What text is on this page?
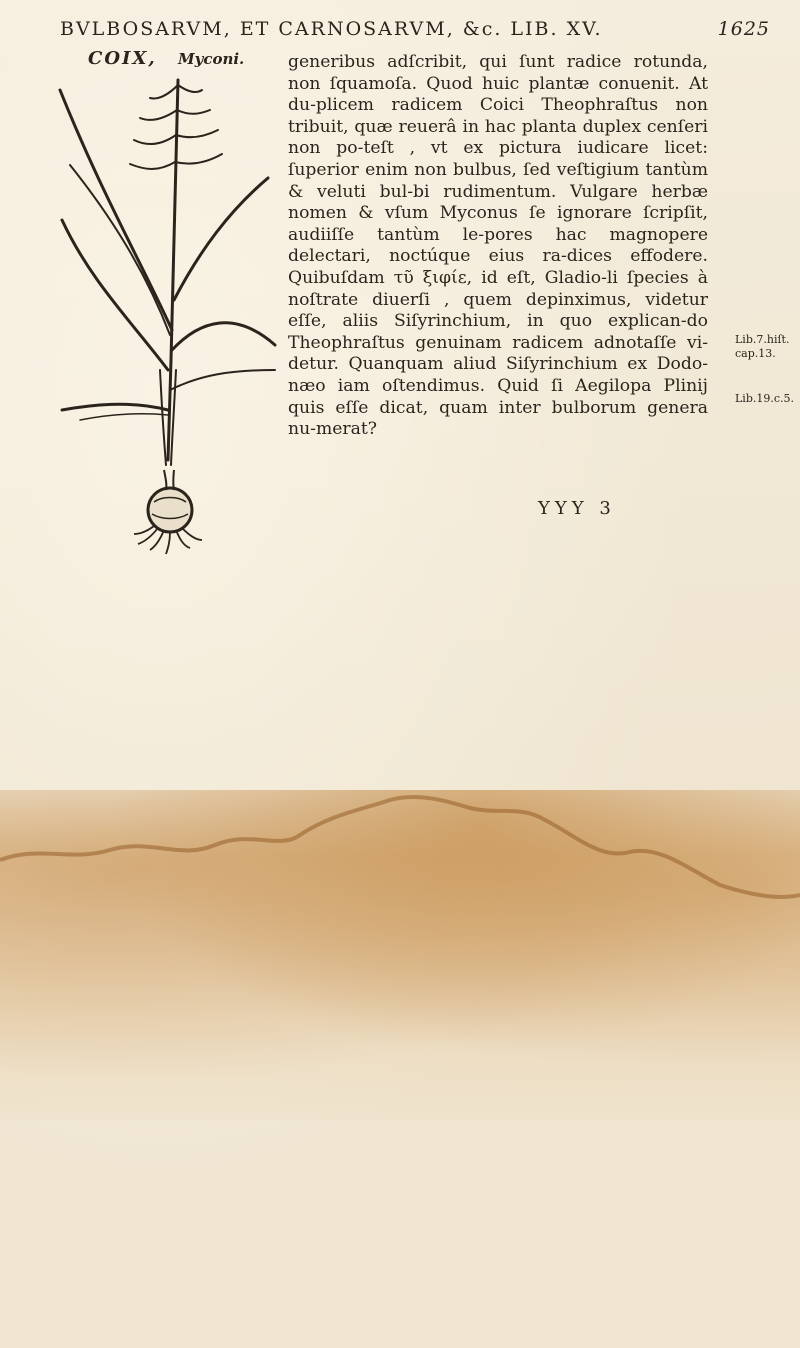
BVLBOSARVM, ET CARNOSARVM, &c. LIB. XV.	1625
COIX, Myconi.	generibus adſcribit, qui ſunt radice rotunda, non ſquamoſa. Quod huic plantæ conuenit. At du-plicem radicem Coici Theophraſtus non tribuit, quæ reuerâ in hac planta duplex cenſeri non po-teſt , vt ex pictura iudicare licet: ſuperior enim non bulbus, ſed veſtigium tantùm & veluti bul-bi rudimentum. Vulgare herbæ nomen & vſum Myconus ſe ignorare ſcripſit, audiiſſe tantùm le-pores hac magnopere delectari, noctúque eius ra-dices effodere. Quibuſdam τῦ ξιφίε, id eſt, Gladio-li ſpecies à noſtrate diuerſi , quem depinximus, videtur eſſe, aliis Siſyrinchium, in quo explican-do Theophraſtus genuinam radicem adnotaſſe vi-detur. Quanquam aliud Siſyrinchium ex Dodo-næo iam oſtendimus. Quid ſi Aegilopa Plinij quis eſſe dicat, quam inter bulborum genera nu-merat?

Lib.7.hiſt.
cap.13.
Lib.19.c.5.
YYY 3
